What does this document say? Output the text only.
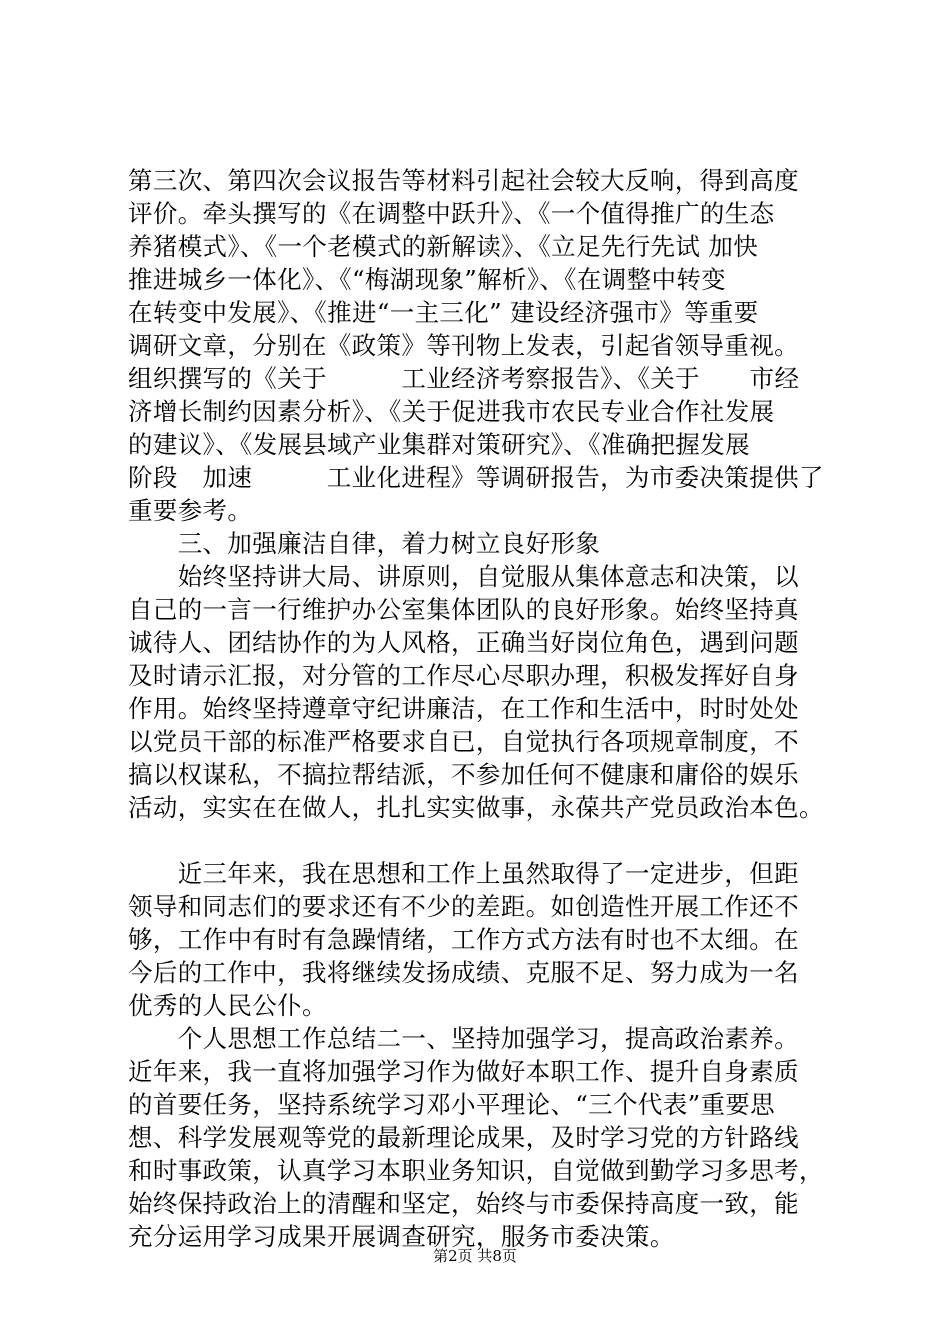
第三次、第四次会议报告等材料引起社会较大反响，得到高度

评价。牵头撰写的《在调整中跃升》、《一个值得推广的生态

养猪模式》、《一个老模式的新解读》、《立足先行先试 加快

推进城乡一体化》、《“梅湖现象”解析》、《在调整中转变

在转变中发展》、《推进“一主三化” 建设经济强市》等重要

调研文章，分别在《政策》等刊物上发表，引起省领导重视。

组织撰写的《关于　　　工业经济考察报告》、《关于　　市经

济增长制约因素分析》、《关于促进我市农民专业合作社发展

的建议》、《发展县域产业集群对策研究》、《准确把握发展

阶段　加速　　　工业化进程》等调研报告，为市委决策提供了

重要参考。

　　三、加强廉洁自律，着力树立良好形象

　　始终坚持讲大局、讲原则，自觉服从集体意志和决策，以

自己的一言一行维护办公室集体团队的良好形象。始终坚持真

诚待人、团结协作的为人风格，正确当好岗位角色，遇到问题

及时请示汇报，对分管的工作尽心尽职办理，积极发挥好自身

作用。始终坚持遵章守纪讲廉洁，在工作和生活中，时时处处

以党员干部的标准严格要求自已，自觉执行各项规章制度，不

搞以权谋私，不搞拉帮结派，不参加任何不健康和庸俗的娱乐

活动，实实在在做人，扎扎实实做事，永葆共产党员政治本色。

　　近三年来，我在思想和工作上虽然取得了一定进步，但距

领导和同志们的要求还有不少的差距。如创造性开展工作还不

够，工作中有时有急躁情绪，工作方式方法有时也不太细。在

今后的工作中，我将继续发扬成绩、克服不足、努力成为一名

优秀的人民公仆。

　　个人思想工作总结二一、坚持加强学习，提高政治素养。

近年来，我一直将加强学习作为做好本职工作、提升自身素质

的首要任务，坚持系统学习邓小平理论、“三个代表”重要思

想、科学发展观等党的最新理论成果，及时学习党的方针路线

和时事政策，认真学习本职业务知识，自觉做到勤学习多思考，

始终保持政治上的清醒和坚定，始终与市委保持高度一致，能

充分运用学习成果开展调查研究，服务市委决策。

第2页 共8页
